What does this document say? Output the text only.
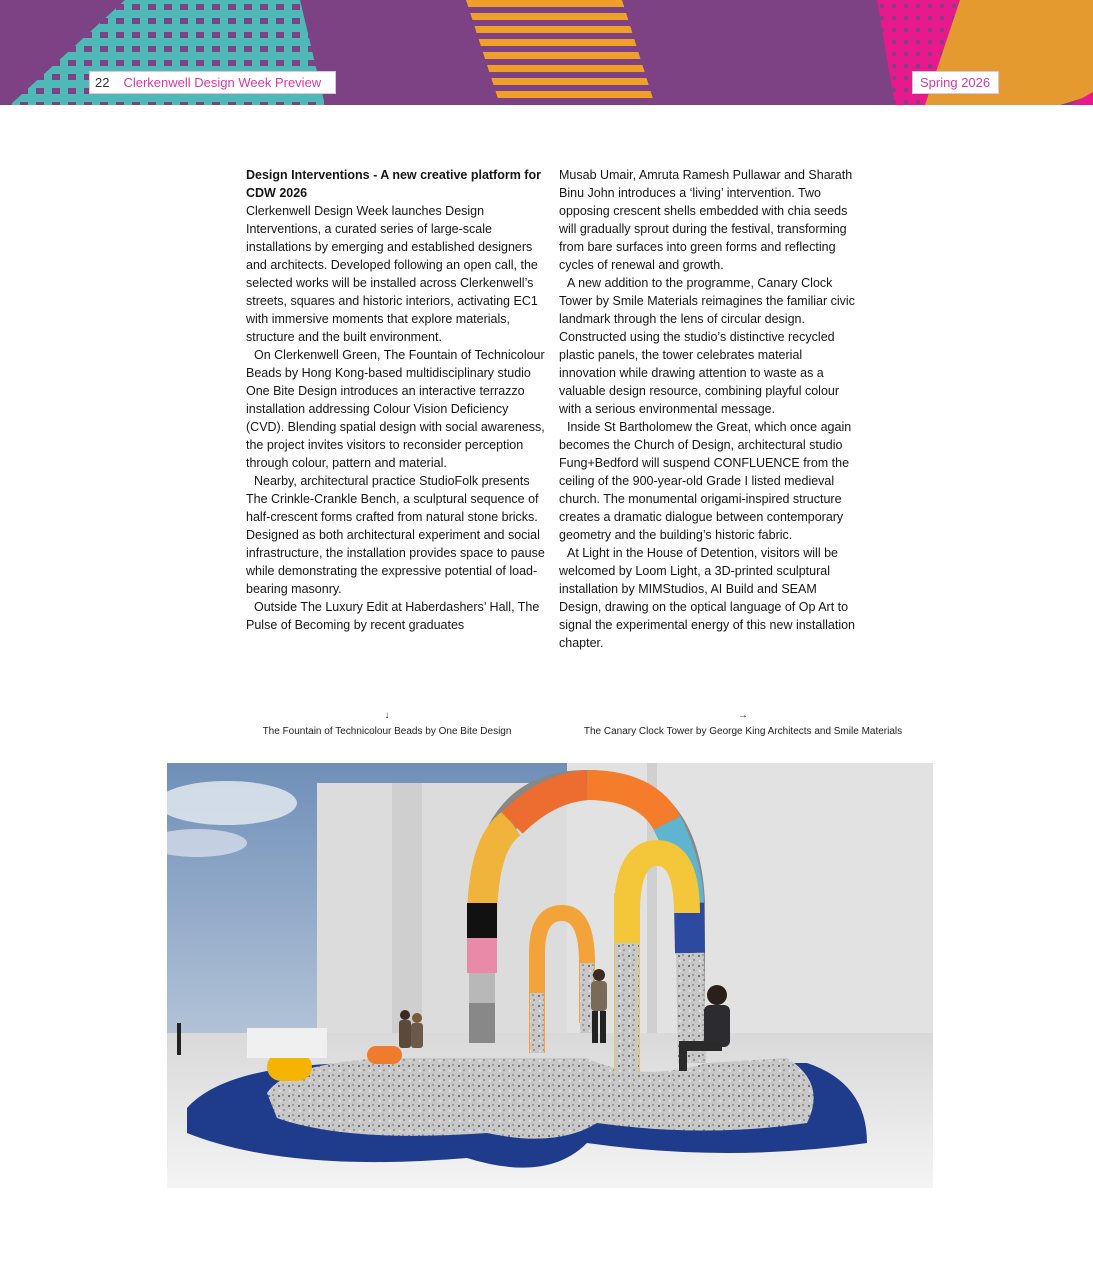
22 Clerkenwell Design Week Preview	Spring 2026
Design Interventions - A new creative platform for CDW 2026

Clerkenwell Design Week launches Design Interventions, a curated series of large-scale installations by emerging and established designers and architects. Developed following an open call, the selected works will be installed across Clerkenwell’s streets, squares and historic interiors, activating EC1 with immersive moments that explore materials, structure and the built environment.

On Clerkenwell Green, The Fountain of Technicolour Beads by Hong Kong-based multidisciplinary studio One Bite Design introduces an interactive terrazzo installation addressing Colour Vision Deficiency (CVD). Blending spatial design with social awareness, the project invites visitors to reconsider perception through colour, pattern and material.

Nearby, architectural practice StudioFolk presents The Crinkle-Crankle Bench, a sculptural sequence of half-crescent forms crafted from natural stone bricks. Designed as both architectural experiment and social infrastructure, the installation provides space to pause while demonstrating the expressive potential of load-bearing masonry.

Outside The Luxury Edit at Haberdashers’ Hall, The Pulse of Becoming by recent graduates

Musab Umair, Amruta Ramesh Pullawar and Sharath Binu John introduces a ‘living’ intervention. Two opposing crescent shells embedded with chia seeds will gradually sprout during the festival, transforming from bare surfaces into green forms and reflecting cycles of renewal and growth.

A new addition to the programme, Canary Clock Tower by Smile Materials reimagines the familiar civic landmark through the lens of circular design. Constructed using the studio’s distinctive recycled plastic panels, the tower celebrates material innovation while drawing attention to waste as a valuable design resource, combining playful colour with a serious environmental message.

Inside St Bartholomew the Great, which once again becomes the Church of Design, architectural studio Fung+Bedford will suspend CONFLUENCE from the ceiling of the 900-year-old Grade I listed medieval church. The monumental origami-inspired structure creates a dramatic dialogue between contemporary geometry and the building’s historic fabric.

At Light in the House of Detention, visitors will be welcomed by Loom Light, a 3D-printed sculptural installation by MIMStudios, AI Build and SEAM Design, drawing on the optical language of Op Art to signal the experimental energy of this new installation chapter.

↓
The Fountain of Technicolour Beads by One Bite Design
→
The Canary Clock Tower by George King Architects and Smile Materials
